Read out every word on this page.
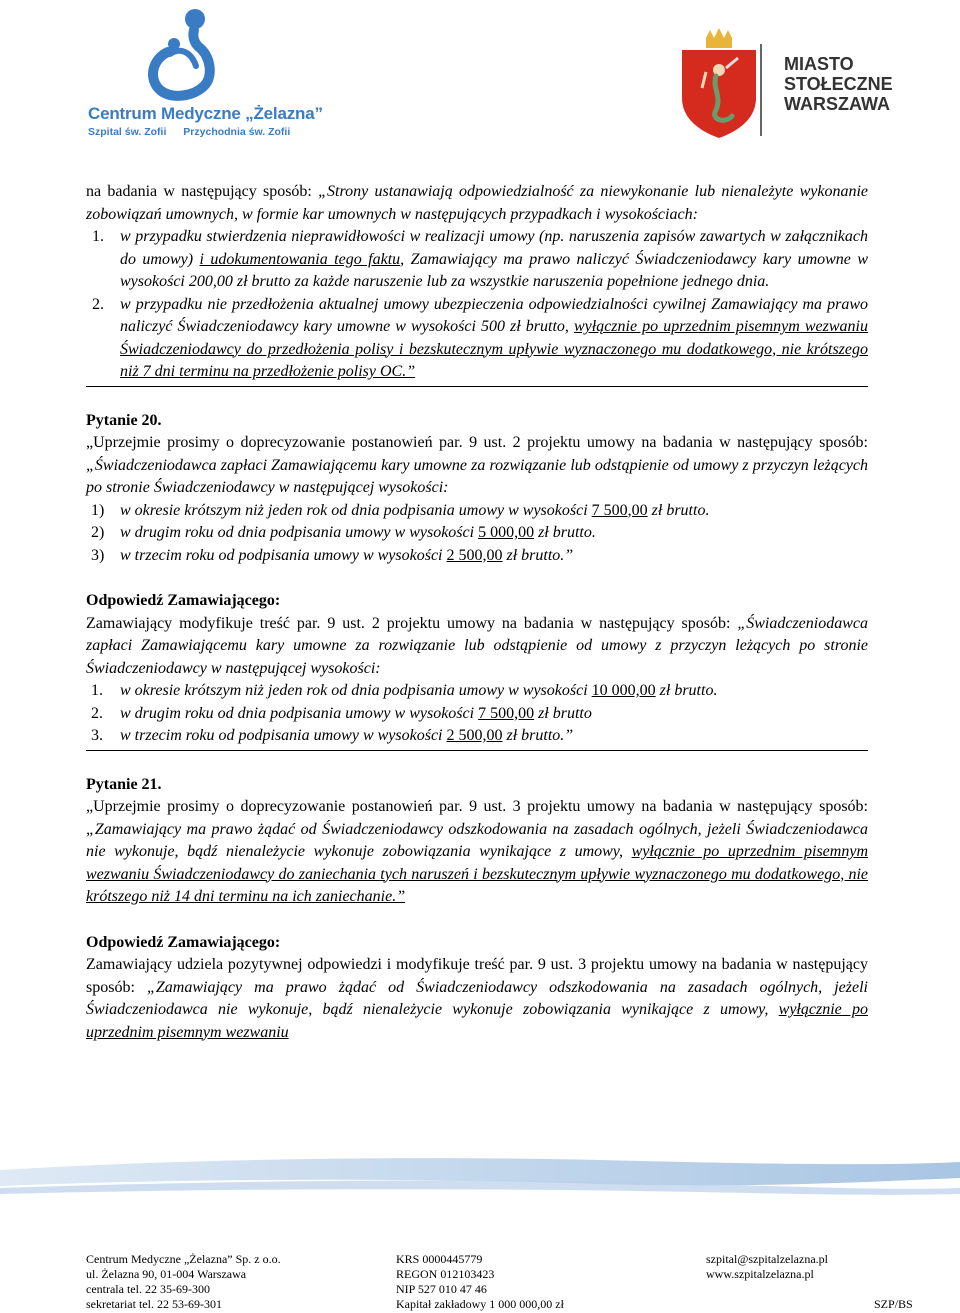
Centrum Medyczne „Żelazna”
Szpital św. Zofii Przychodnia św. Zofii
MIASTO
STOŁECZNE
WARSZAWA

na badania w następujący sposób: „Strony ustanawiają odpowiedzialność za niewykonanie lub nienależyte wykonanie zobowiązań umownych, w formie kar umownych w następujących przypadkach i wysokościach:

1. w przypadku stwierdzenia nieprawidłowości w realizacji umowy (np. naruszenia zapisów zawartych w załącznikach do umowy) i udokumentowania tego faktu, Zamawiający ma prawo naliczyć Świadczeniodawcy kary umowne w wysokości 200,00 zł brutto za każde naruszenie lub za wszystkie naruszenia popełnione jednego dnia.
2. w przypadku nie przedłożenia aktualnej umowy ubezpieczenia odpowiedzialności cywilnej Zamawiający ma prawo naliczyć Świadczeniodawcy kary umowne w wysokości 500 zł brutto, wyłącznie po uprzednim pisemnym wezwaniu Świadczeniodawcy do przedłożenia polisy i bezskutecznym upływie wyznaczonego mu dodatkowego, nie krótszego niż 7 dni terminu na przedłożenie polisy OC.”

Pytanie 20.

„Uprzejmie prosimy o doprecyzowanie postanowień par. 9 ust. 2 projektu umowy na badania w następujący sposób: „Świadczeniodawca zapłaci Zamawiającemu kary umowne za rozwiązanie lub odstąpienie od umowy z przyczyn leżących po stronie Świadczeniodawcy w następującej wysokości:

1) w okresie krótszym niż jeden rok od dnia podpisania umowy w wysokości 7 500,00 zł brutto.
2) w drugim roku od dnia podpisania umowy w wysokości 5 000,00 zł brutto.
3) w trzecim roku od podpisania umowy w wysokości 2 500,00 zł brutto.”

Odpowiedź Zamawiającego:

Zamawiający modyfikuje treść par. 9 ust. 2 projektu umowy na badania w następujący sposób: „Świadczeniodawca zapłaci Zamawiającemu kary umowne za rozwiązanie lub odstąpienie od umowy z przyczyn leżących po stronie Świadczeniodawcy w następującej wysokości:

1. w okresie krótszym niż jeden rok od dnia podpisania umowy w wysokości 10 000,00 zł brutto.
2. w drugim roku od dnia podpisania umowy w wysokości 7 500,00 zł brutto
3. w trzecim roku od podpisania umowy w wysokości 2 500,00 zł brutto.”

Pytanie 21.

„Uprzejmie prosimy o doprecyzowanie postanowień par. 9 ust. 3 projektu umowy na badania w następujący sposób: „Zamawiający ma prawo żądać od Świadczeniodawcy odszkodowania na zasadach ogólnych, jeżeli Świadczeniodawca nie wykonuje, bądź nienależycie wykonuje zobowiązania wynikające z umowy, wyłącznie po uprzednim pisemnym wezwaniu Świadczeniodawcy do zaniechania tych naruszeń i bezskutecznym upływie wyznaczonego mu dodatkowego, nie krótszego niż 14 dni terminu na ich zaniechanie.”

Odpowiedź Zamawiającego:

Zamawiający udziela pozytywnej odpowiedzi i modyfikuje treść par. 9 ust. 3 projektu umowy na badania w następujący sposób: „Zamawiający ma prawo żądać od Świadczeniodawcy odszkodowania na zasadach ogólnych, jeżeli Świadczeniodawca nie wykonuje, bądź nienależycie wykonuje zobowiązania wynikające z umowy, wyłącznie po uprzednim pisemnym wezwaniu

Centrum Medyczne „Żelazna” Sp. z o.o.
ul. Żelazna 90, 01-004 Warszawa
centrala tel. 22 35-69-300
sekretariat tel. 22 53-69-301
KRS 0000445779
REGON 012103423
NIP 527 010 47 46
Kapitał zakładowy 1 000 000,00 zł
szpital@szpitalzelazna.pl
www.szpitalzelazna.pl
SZP/BS
